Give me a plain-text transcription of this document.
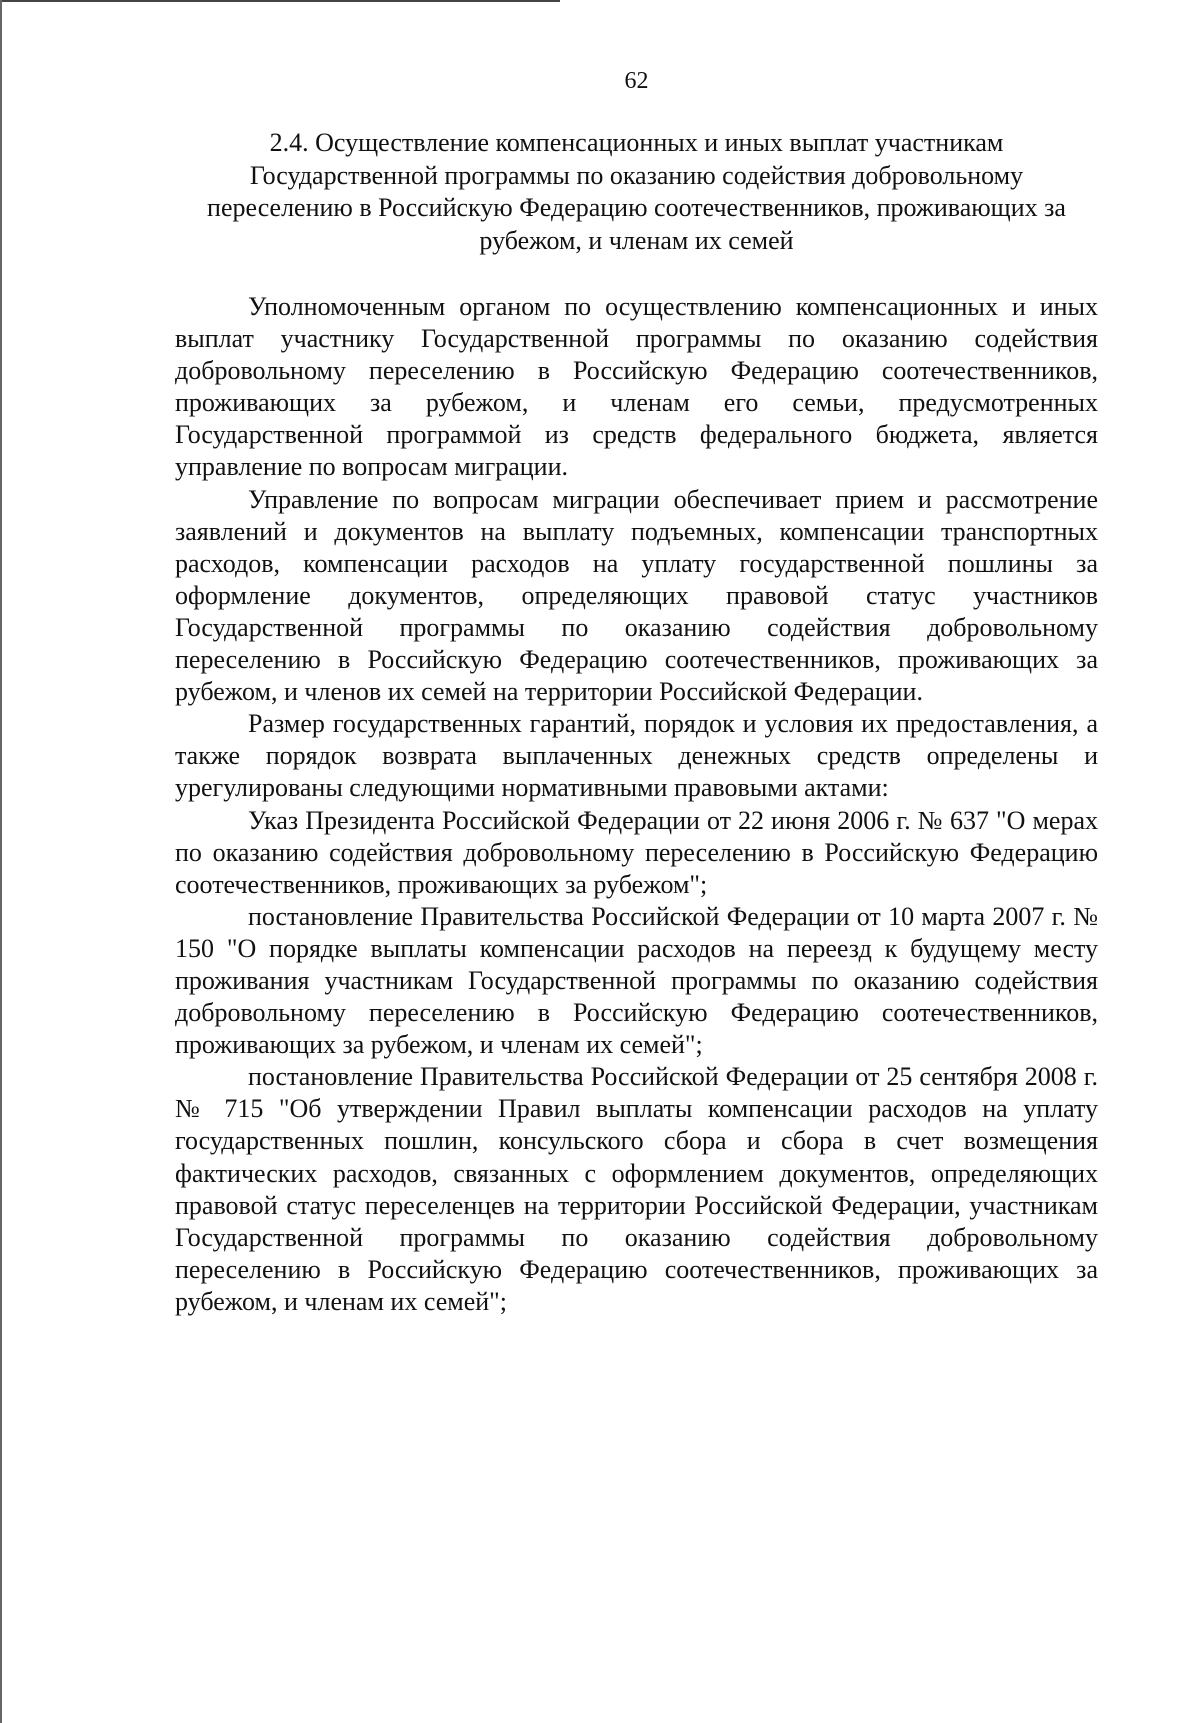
62
2.4. Осуществление компенсационных и иных выплат участникам Государственной программы по оказанию содействия добровольному переселению в Российскую Федерацию соотечественников, проживающих за рубежом, и членам их семей

Уполномоченным органом по осуществлению компенсационных и иных выплат участнику Государственной программы по оказанию содействия добровольному переселению в Российскую Федерацию соотечественников, проживающих за рубежом, и членам его семьи, предусмотренных Государственной программой из средств федерального бюджета, является управление по вопросам миграции.

Управление по вопросам миграции обеспечивает прием и рассмотрение заявлений и документов на выплату подъемных, компенсации транспортных расходов, компенсации расходов на уплату государственной пошлины за оформление документов, определяющих правовой статус участников Государственной программы по оказанию содействия добровольному переселению в Российскую Федерацию соотечественников, проживающих за рубежом, и членов их семей на территории Российской Федерации.

Размер государственных гарантий, порядок и условия их предоставления, а также порядок возврата выплаченных денежных средств определены и урегулированы следующими нормативными правовыми актами:

Указ Президента Российской Федерации от 22 июня 2006 г. № 637 "О мерах по оказанию содействия добровольному переселению в Российскую Федерацию соотечественников, проживающих за рубежом";

постановление Правительства Российской Федерации от 10 марта 2007 г. № 150 "О порядке выплаты компенсации расходов на переезд к будущему месту проживания участникам Государственной программы по оказанию содействия добровольному переселению в Российскую Федерацию соотечественников, проживающих за рубежом, и членам их семей";

постановление Правительства Российской Федерации от 25 сентября 2008 г. № 715 "Об утверждении Правил выплаты компенсации расходов на уплату государственных пошлин, консульского сбора и сбора в счет возмещения фактических расходов, связанных с оформлением документов, определяющих правовой статус переселенцев на территории Российской Федерации, участникам Государственной программы по оказанию содействия добровольному переселению в Российскую Федерацию соотечественников, проживающих за рубежом, и членам их семей";
